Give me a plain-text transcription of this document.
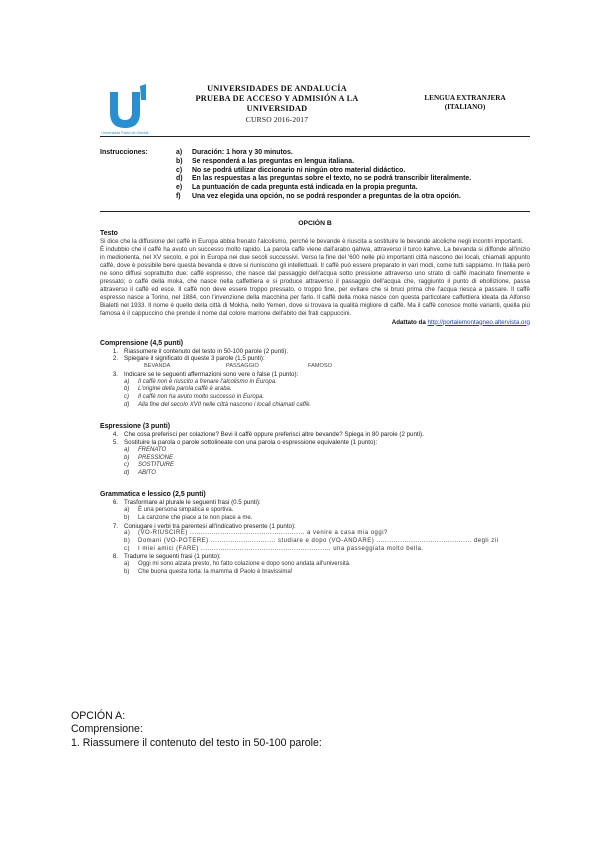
Universidad Pablo de Olavide
UNIVERSIDADES DE ANDALUCÍA
PRUEBA DE ACCESO Y ADMISIÓN A LA
UNIVERSIDAD
CURSO 2016-2017
LENGUA EXTRANJERA
(ITALIANO)
Instrucciones:	a)	Duración: 1 hora y 30 minutos.
b)	Se responderá a las preguntas en lengua italiana.
c)	No se podrá utilizar diccionario ni ningún otro material didáctico.
d)	En las respuestas a las preguntas sobre el texto, no se podrá transcribir literalmente.
e)	La puntuación de cada pregunta está indicada en la propia pregunta.
f)	Una vez elegida una opción, no se podrá responder a preguntas de la otra opción.
OPCIÓN B
Testo

Si dice che la diffusione del caffè in Europa abbia frenato l'alcolismo, perché le bevande è riuscita a sostituire le bevande alcoliche negli incontri importanti.

È indubbio che il caffè ha avuto un successo molto rapido. La parola caffè viene dall'arabo qahwa, attraverso il turco kahve. La bevanda si diffonde all'inizio in mediorienta, nel XV secolo, e poi in Europa nei due secoli successivi. Verso la fine del '600 nelle più importanti città nascono dei locali, chiamati appunto caffè, dove è possibile bere questa bevanda e dove si riuniscono gli intellettuali. Il caffè può essere preparato in vari modi, come tutti sappiamo. In Italia però ne sono diffusi soprattutto due: caffè espresso, che nasce dal passaggio dell'acqua sotto pressione attraverso uno strato di caffè macinato finemente e pressato; o caffè della moka, che nasce nella caffettiera e si produce attraverso il passaggio dell'acqua che, raggiunto il punto di ebollizione, passa attraverso il caffè ed esce. Il caffè non deve essere troppo pressato, o troppo fine, per evitare che si bruci prima che l'acqua riesca a passare. Il caffè espresso nasce a Torino, nel 1884, con l'invenzione della macchina per farlo. Il caffè della moka nasce con questa particolare caffettiera ideata da Alfonso Bialetti nel 1933. Il nome è quello della città di Mokha, nello Yemen, dove si trovava la qualità migliore di caffè. Ma il caffè conosce molte varianti, quella più famosa è il cappuccino che prende il nome dal colore marrone dell'abito dei frati cappuccini.

Adattato da http://portalemontagneo.altervista.org
Comprensione (4,5 punti)
1. Riassumere il contenuto del testo in 50-100 parole (2 punti).
2. Spiegare il significato di queste 3 parole (1,5 punti):
BEVANDA	PASSAGGIO	FAMOSO
3. Indicare se le seguenti affermazioni sono vere o false (1 punto):
a)	Il caffè non è riuscito a frenare l'alcolismo in Europa.
b)	L'origine della parola caffè è araba.
c)	Il caffè non ha avuto molto successo in Europa.
d)	Alla fine del secolo XVII nelle città nascono i locali chiamati caffè.
Espressione (3 punti)
4. Che cosa preferisci per colazione? Bevi il caffè oppure preferisci altre bevande? Spiega in 80 parole (2 punti).
5. Sostituire la parola o parole sottolineate con una parola o espressione equivalente (1 punto):
a)	FRENATO
b)	PRESSIONE
c)	SOSTITUIRE
d)	ABITO
Grammatica e lessico (2,5 punti)
6. Trasformare al plurale le seguenti frasi (0.5 punti):
a)	È una persona simpatica e sportiva.
b)	La canzone che piace a te non piace a me.
7. Coniugare i verbi tra parentesi all'indicativo presente (1 punto):
a)	(VO-RIUSCIRE) ..................................................... a venire a casa mia oggi?
b)	Domani (VO-POTERE) .............................. studiare e dopo (VO-ANDARE) ............................................ degli zii
c)	I miei amici (FARE) ............................................................ una passeggiata molto bella.
8. Tradurre le seguenti frasi (1 punto):
a)	Oggi mi sono alzata presto, ho fatto colazione e dopo sono andata all'università.
b)	Che buona questa torta: la mamma di Paolo è bravissima!
OPCIÓN A:
Comprensione:
1. Riassumere il contenuto del testo in 50-100 parole:
